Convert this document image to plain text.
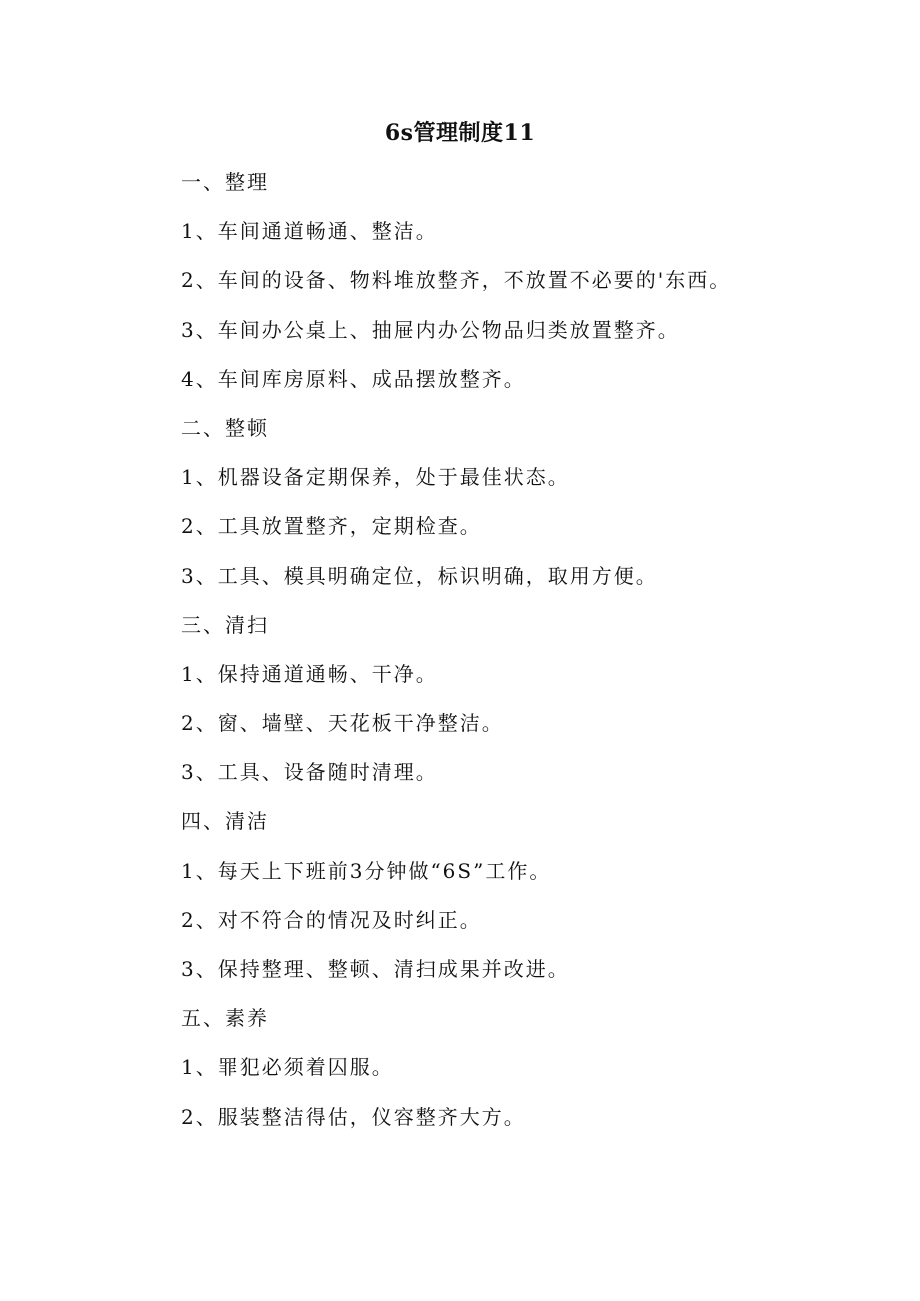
6s管理制度11
一、整理
1、车间通道畅通、整洁。
2、车间的设备、物料堆放整齐，不放置不必要的'东西。
3、车间办公桌上、抽屉内办公物品归类放置整齐。
4、车间库房原料、成品摆放整齐。
二、整顿
1、机器设备定期保养，处于最佳状态。
2、工具放置整齐，定期检查。
3、工具、模具明确定位，标识明确，取用方便。
三、清扫
1、保持通道通畅、干净。
2、窗、墙壁、天花板干净整洁。
3、工具、设备随时清理。
四、清洁
1、每天上下班前3分钟做“6S”工作。
2、对不符合的情况及时纠正。
3、保持整理、整顿、清扫成果并改进。
五、素养
1、罪犯必须着囚服。
2、服装整洁得估，仪容整齐大方。
